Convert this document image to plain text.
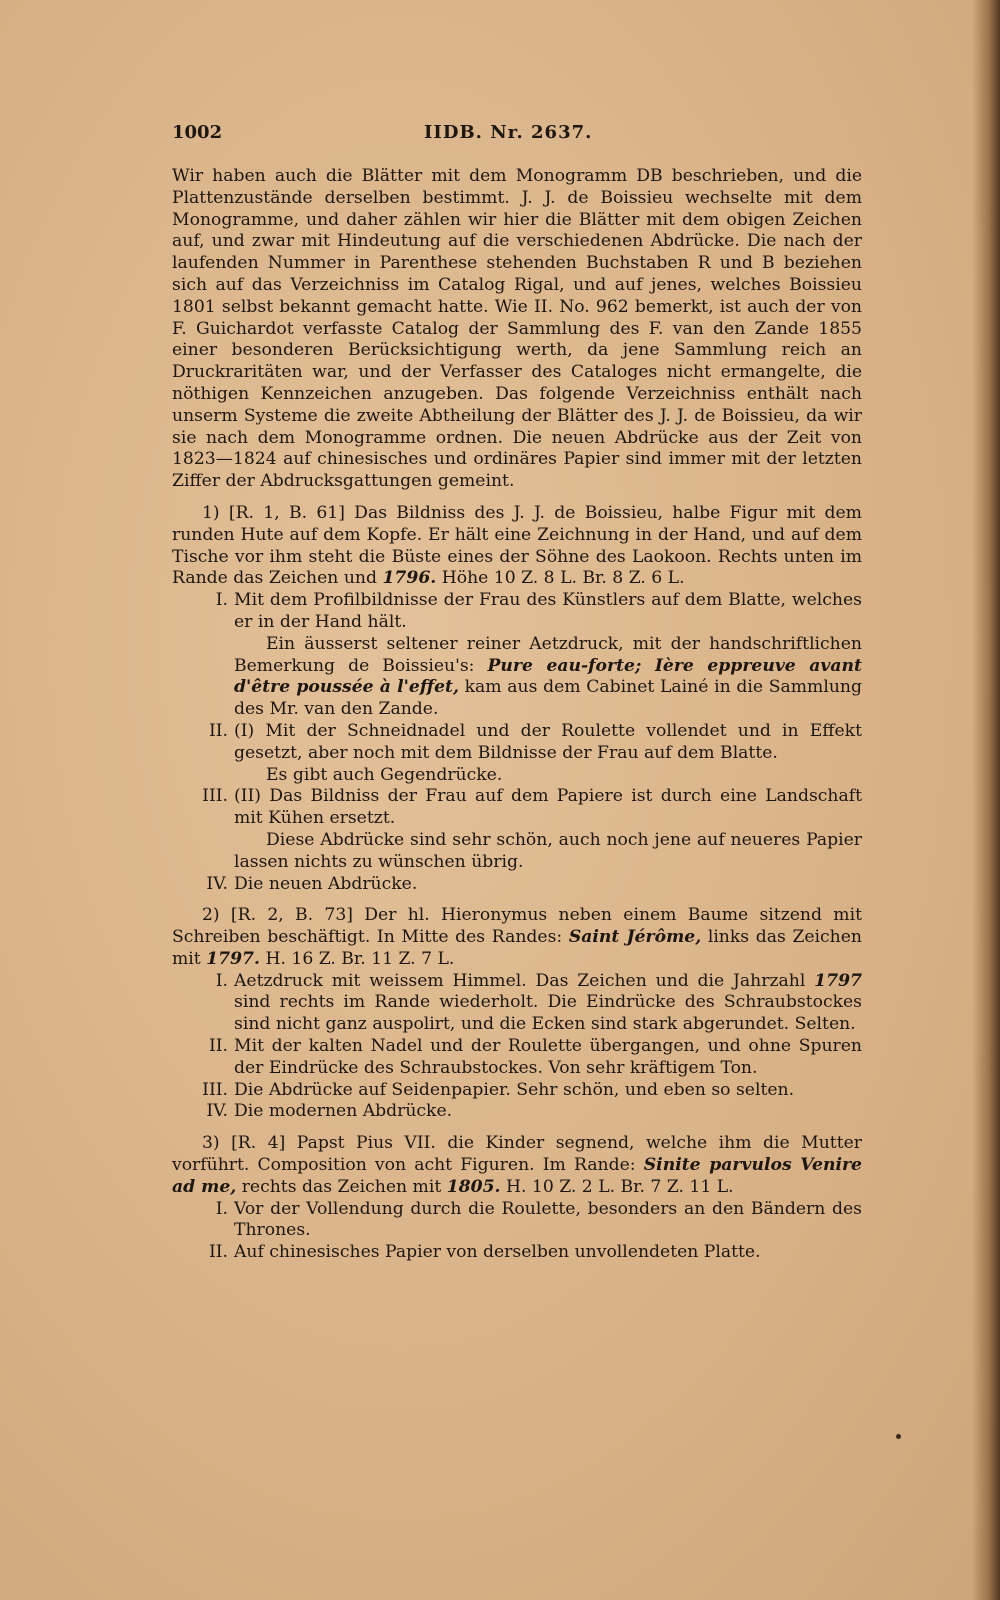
1002	IIDB. Nr. 2637.

Wir haben auch die Blätter mit dem Monogramm DB beschrieben, und die Plattenzustände derselben bestimmt. J. J. de Boissieu wechselte mit dem Monogramme, und daher zählen wir hier die Blätter mit dem obigen Zeichen auf, und zwar mit Hindeutung auf die verschiedenen Abdrücke. Die nach der laufenden Nummer in Parenthese stehenden Buchstaben R und B beziehen sich auf das Verzeichniss im Catalog Rigal, und auf jenes, welches Boissieu 1801 selbst bekannt gemacht hatte. Wie II. No. 962 bemerkt, ist auch der von F. Guichardot verfasste Catalog der Sammlung des F. van den Zande 1855 einer besonderen Berücksichtigung werth, da jene Sammlung reich an Druckraritäten war, und der Verfasser des Cataloges nicht ermangelte, die nöthigen Kennzeichen anzugeben. Das folgende Verzeichniss enthält nach unserm Systeme die zweite Abtheilung der Blätter des J. J. de Boissieu, da wir sie nach dem Monogramme ordnen. Die neuen Abdrücke aus der Zeit von 1823—1824 auf chinesisches und ordinäres Papier sind immer mit der letzten Ziffer der Abdrucksgattungen gemeint.

1) [R. 1, B. 61] Das Bildniss des J. J. de Boissieu, halbe Figur mit dem runden Hute auf dem Kopfe. Er hält eine Zeichnung in der Hand, und auf dem Tische vor ihm steht die Büste eines der Söhne des Laokoon. Rechts unten im Rande das Zeichen und 1796. Höhe 10 Z. 8 L. Br. 8 Z. 6 L.

I. Mit dem Profilbildnisse der Frau des Künstlers auf dem Blatte, welches er in der Hand hält.
Ein äusserst seltener reiner Aetzdruck, mit der handschriftlichen Bemerkung de Boissieu's: Pure eau-forte; Ière eppreuve avant d'être poussée à l'effet, kam aus dem Cabinet Lainé in die Sammlung des Mr. van den Zande.
II. (I) Mit der Schneidnadel und der Roulette vollendet und in Effekt gesetzt, aber noch mit dem Bildnisse der Frau auf dem Blatte.
Es gibt auch Gegendrücke.
III. (II) Das Bildniss der Frau auf dem Papiere ist durch eine Landschaft mit Kühen ersetzt.
Diese Abdrücke sind sehr schön, auch noch jene auf neueres Papier lassen nichts zu wünschen übrig.
IV. Die neuen Abdrücke.

2) [R. 2, B. 73] Der hl. Hieronymus neben einem Baume sitzend mit Schreiben beschäftigt. In Mitte des Randes: Saint Jérôme, links das Zeichen mit 1797. H. 16 Z. Br. 11 Z. 7 L.

I. Aetzdruck mit weissem Himmel. Das Zeichen und die Jahrzahl 1797 sind rechts im Rande wiederholt. Die Eindrücke des Schraubstockes sind nicht ganz auspolirt, und die Ecken sind stark abgerundet. Selten.
II. Mit der kalten Nadel und der Roulette übergangen, und ohne Spuren der Eindrücke des Schraubstockes. Von sehr kräftigem Ton.
III. Die Abdrücke auf Seidenpapier. Sehr schön, und eben so selten.
IV. Die modernen Abdrücke.

3) [R. 4] Papst Pius VII. die Kinder segnend, welche ihm die Mutter vorführt. Composition von acht Figuren. Im Rande: Sinite parvulos Venire ad me, rechts das Zeichen mit 1805. H. 10 Z. 2 L. Br. 7 Z. 11 L.

I. Vor der Vollendung durch die Roulette, besonders an den Bändern des Thrones.
II. Auf chinesisches Papier von derselben unvollendeten Platte.
